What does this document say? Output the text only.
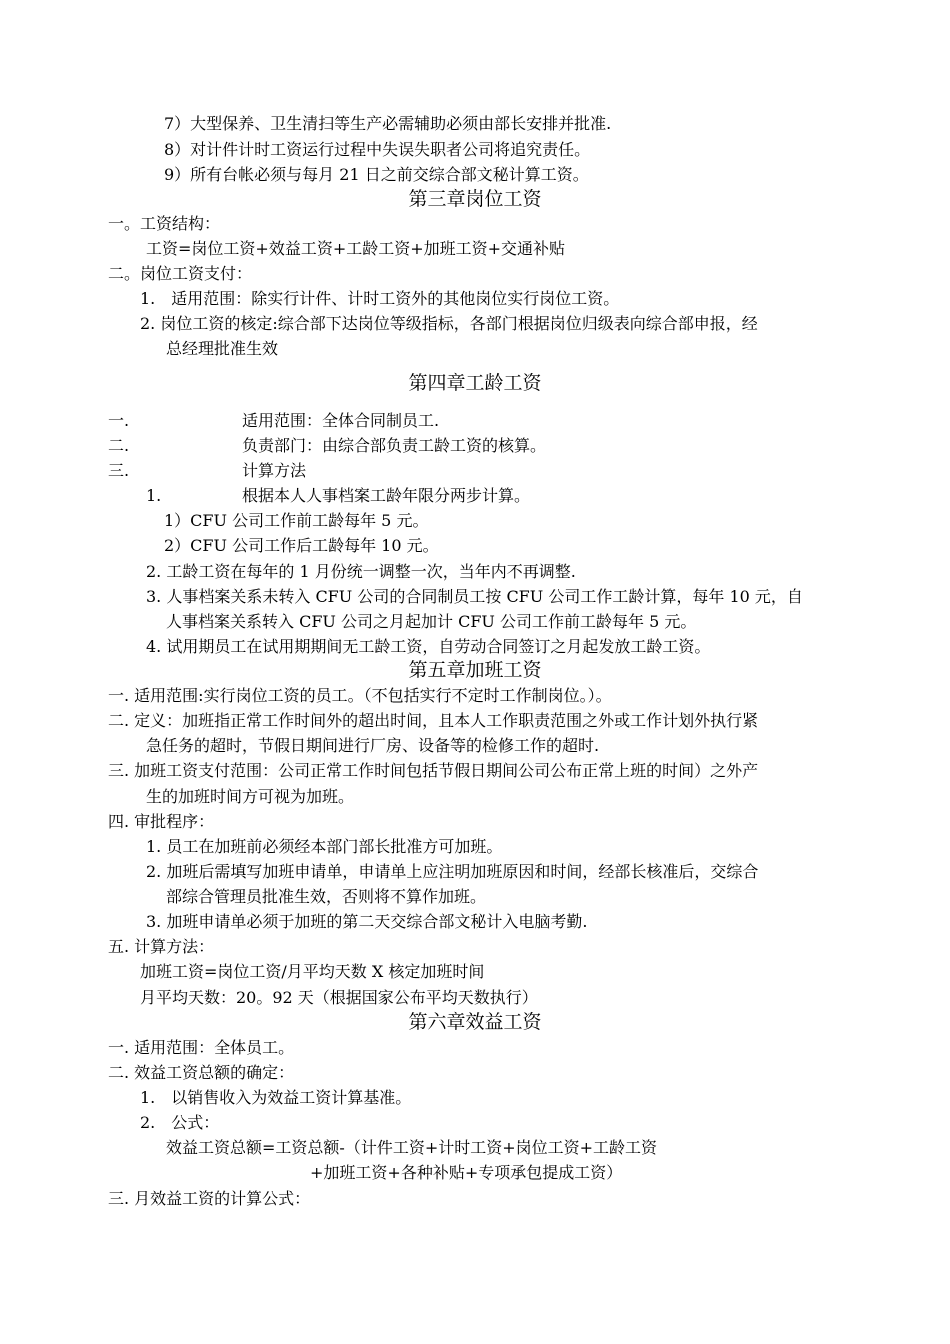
7）大型保养、卫生清扫等生产必需辅助必须由部长安排并批准.
8）对计件计时工资运行过程中失误失职者公司将追究责任。
9）所有台帐必须与每月 21 日之前交综合部文秘计算工资。
第三章岗位工资
一。工资结构：
工资=岗位工资+效益工资+工龄工资+加班工资+交通补贴
二。岗位工资支付：
1.　适用范围：除实行计件、计时工资外的其他岗位实行岗位工资。
2. 岗位工资的核定:综合部下达岗位等级指标，各部门根据岗位归级表向综合部申报，经
总经理批准生效
第四章工龄工资
一.	适用范围：全体合同制员工.
二.	负责部门：由综合部负责工龄工资的核算。
三.	计算方法
1.	根据本人人事档案工龄年限分两步计算。
1）CFU 公司工作前工龄每年 5 元。
2）CFU 公司工作后工龄每年 10 元。
2. 工龄工资在每年的 1 月份统一调整一次，当年内不再调整.
3. 人事档案关系未转入 CFU 公司的合同制员工按 CFU 公司工作工龄计算，每年 10 元，自
人事档案关系转入 CFU 公司之月起加计 CFU 公司工作前工龄每年 5 元。
4. 试用期员工在试用期期间无工龄工资，自劳动合同签订之月起发放工龄工资。
第五章加班工资
一. 适用范围:实行岗位工资的员工。（不包括实行不定时工作制岗位。）。
二. 定义：加班指正常工作时间外的超出时间，且本人工作职责范围之外或工作计划外执行紧
急任务的超时，节假日期间进行厂房、设备等的检修工作的超时.
三. 加班工资支付范围：公司正常工作时间包括节假日期间公司公布正常上班的时间）之外产
生的加班时间方可视为加班。
四. 审批程序：
1. 员工在加班前必须经本部门部长批准方可加班。
2. 加班后需填写加班申请单，申请单上应注明加班原因和时间，经部长核准后，交综合
部综合管理员批准生效，否则将不算作加班。
3. 加班申请单必须于加班的第二天交综合部文秘计入电脑考勤.
五. 计算方法：
加班工资=岗位工资/月平均天数 X 核定加班时间
月平均天数：20。92 天（根据国家公布平均天数执行）
第六章效益工资
一. 适用范围：全体员工。
二. 效益工资总额的确定：
1.　以销售收入为效益工资计算基准。
2.　公式：
效益工资总额=工资总额-（计件工资+计时工资+岗位工资+工龄工资
+加班工资+各种补贴+专项承包提成工资）
三. 月效益工资的计算公式：
